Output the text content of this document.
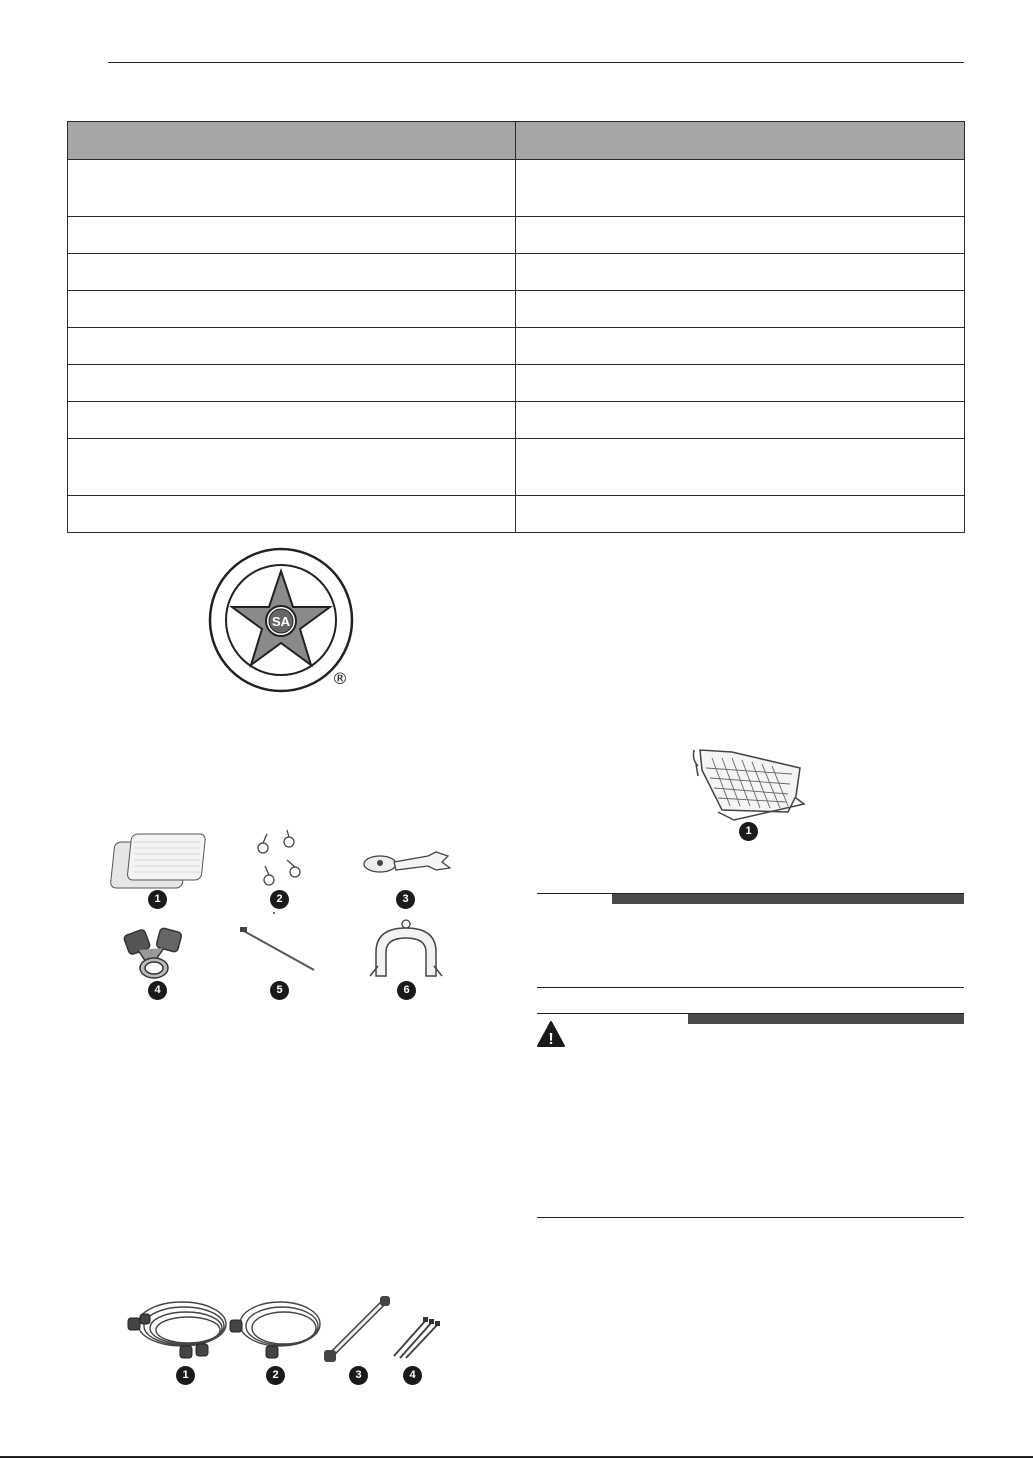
SA
®
1	2	3
4	5	6
1
!
1	2	3	4
